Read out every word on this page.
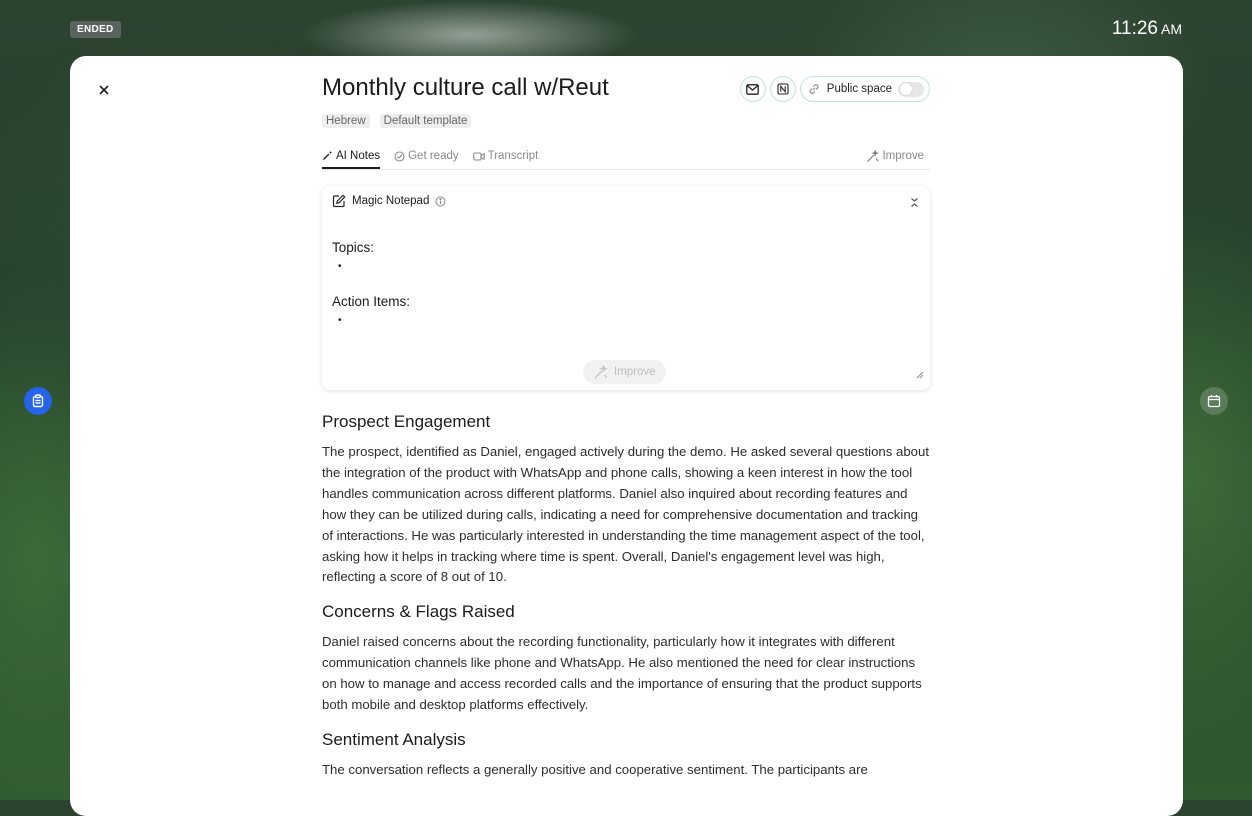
ENDED	11:26 AM
Monthly culture call w/Reut
Hebrew	Default template
Public space
AI Notes Get ready	Transcript	Improve
Magic Notepad
Topics:
•
Action Items:
•
Improve
Prospect Engagement

The prospect, identified as Daniel, engaged actively during the demo. He asked several questions about the integration of the product with WhatsApp and phone calls, showing a keen interest in how the tool handles communication across different platforms. Daniel also inquired about recording features and how they can be utilized during calls, indicating a need for comprehensive documentation and tracking of interactions. He was particularly interested in understanding the time management aspect of the tool, asking how it helps in tracking where time is spent. Overall, Daniel's engagement level was high, reflecting a score of 8 out of 10.

Concerns & Flags Raised

Daniel raised concerns about the recording functionality, particularly how it integrates with different communication channels like phone and WhatsApp. He also mentioned the need for clear instructions on how to manage and access recorded calls and the importance of ensuring that the product supports both mobile and desktop platforms effectively.

Sentiment Analysis

The conversation reflects a generally positive and cooperative sentiment. The participants are
